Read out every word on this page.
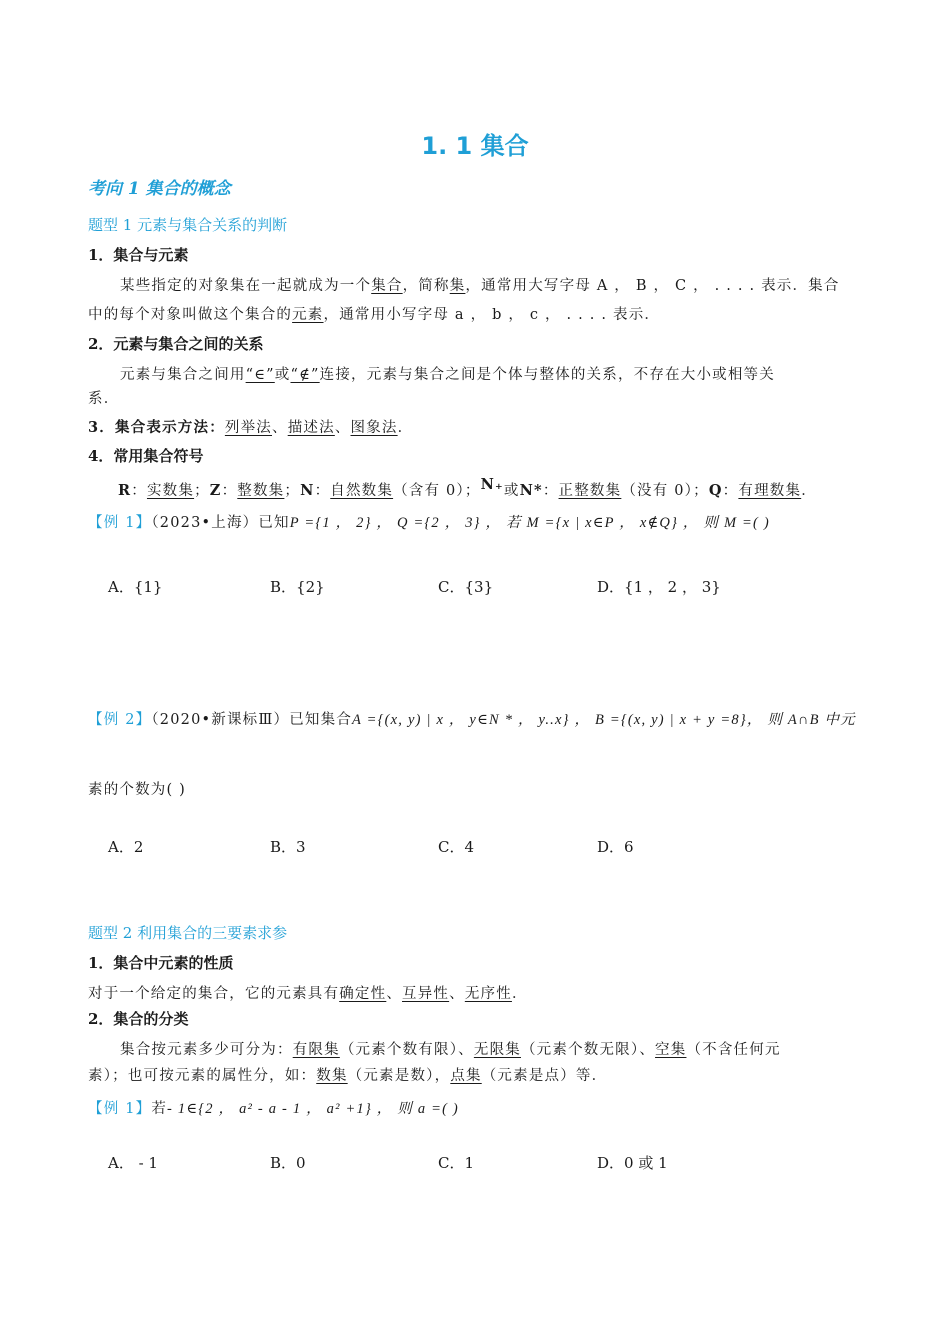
1. 1 集合
考向 1 集合的概念
题型 1 元素与集合关系的判断
1．集合与元素
某些指定的对象集在一起就成为一个集合，简称集，通常用大写字母 A ， B ， C ， . . . . 表示．集合
中的每个对象叫做这个集合的元素，通常用小写字母 a ， b ， c ， . . . . 表示．
2．元素与集合之间的关系
元素与集合之间用“∈”或“∉”连接，元素与集合之间是个体与整体的关系，不存在大小或相等关
系．
3．集合表示方法：列举法、描述法、图象法．
4．常用集合符号
R：实数集；Z：整数集；N：自然数集（含有 0）；N₊或N*：正整数集（没有 0）；Q：有理数集．
【例 1】（2023•上海）已知P ={1 ， 2} ， Q ={2 ， 3} ， 若 M ={x | x∈P ， x∉Q} ， 则 M =( )
A．{1}	B．{2}	C．{3}	D．{1 ， 2 ， 3}
【例 2】（2020•新课标Ⅲ）已知集合A ={(x, y) | x ， y∈N * ， y..x} ， B ={(x, y) | x + y =8}， 则 A∩B 中元
素的个数为( )
A．2	B．3	C．4	D．6
题型 2 利用集合的三要素求参
1．集合中元素的性质
对于一个给定的集合，它的元素具有确定性、互异性、无序性．
2．集合的分类
集合按元素多少可分为：有限集（元素个数有限）、无限集（元素个数无限）、空集（不含任何元
素）；也可按元素的属性分，如：数集（元素是数），点集（元素是点）等．
【例 1】若- 1∈{2 ， a² - a - 1 ， a² +1} ， 则 a =( )
A． - 1	B．0	C．1	D．0 或 1
